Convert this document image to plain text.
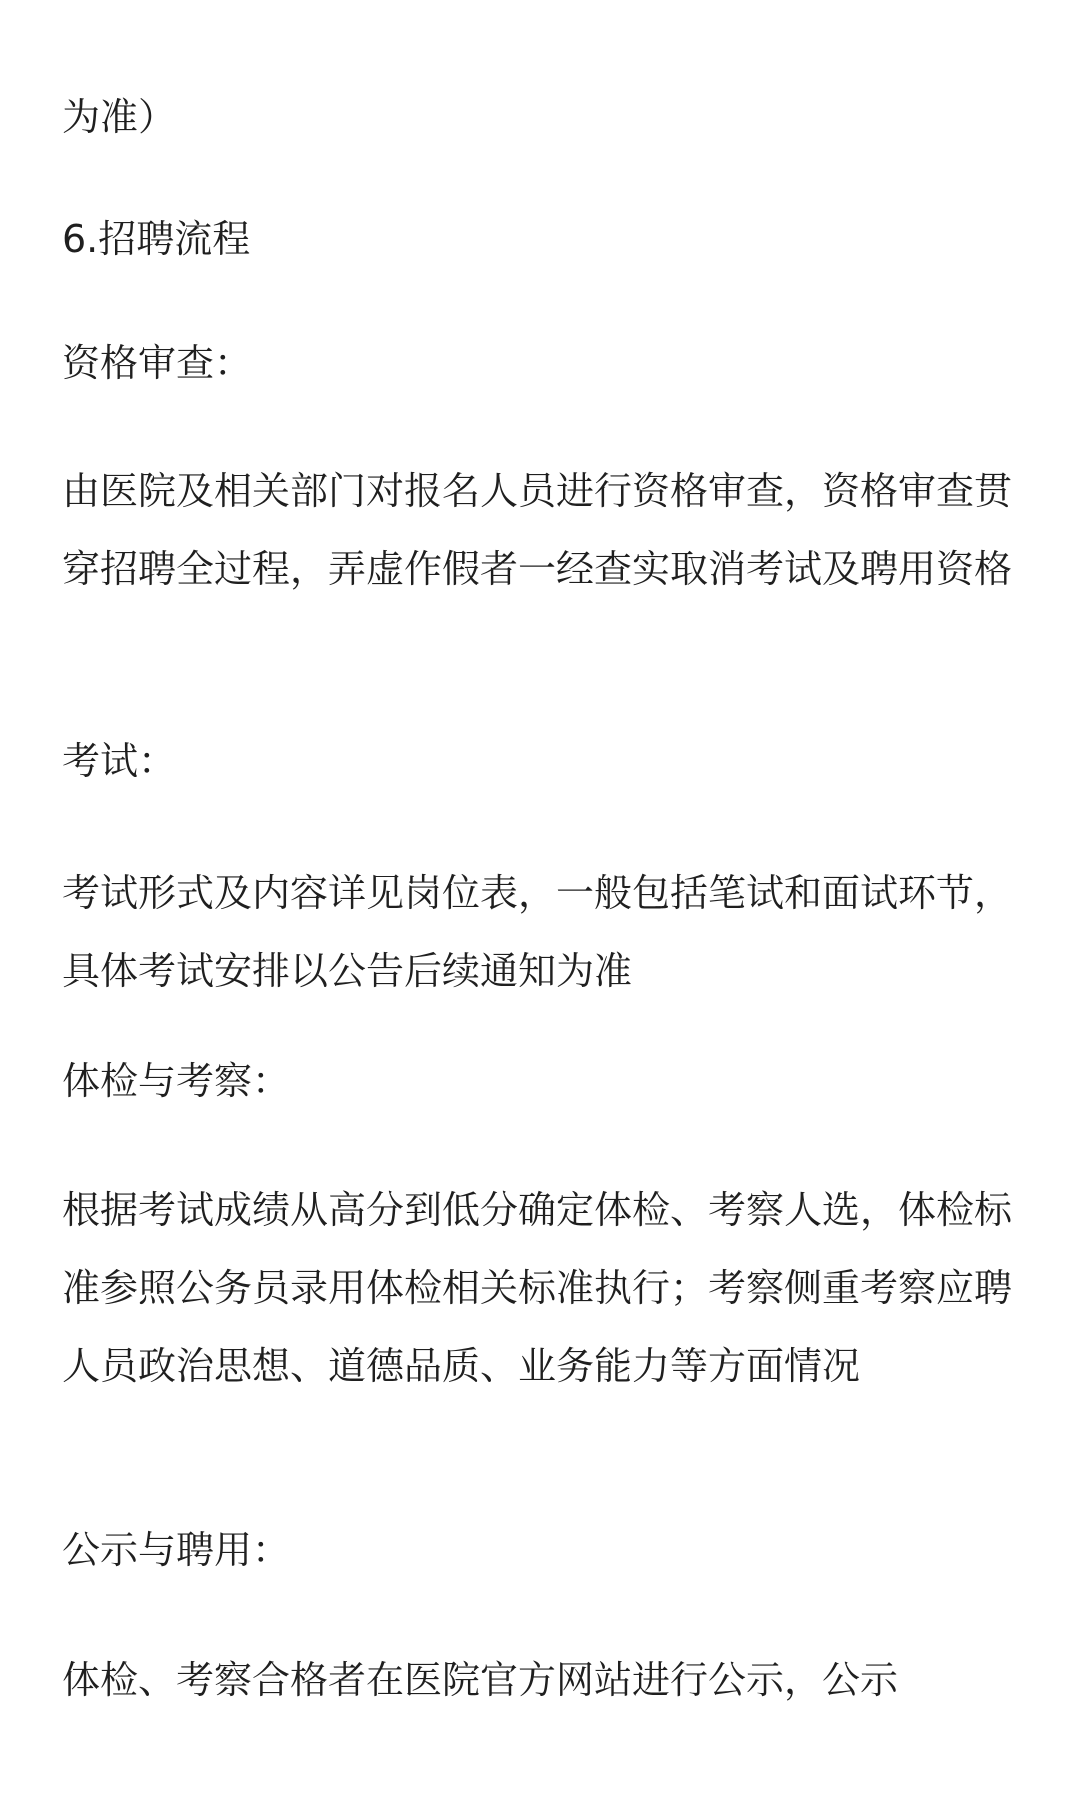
为准）

6.招聘流程

资格审查：

由医院及相关部门对报名人员进行资格审查，资格审查贯穿招聘全过程，弄虚作假者一经查实取消考试及聘用资格

考试：

考试形式及内容详见岗位表，一般包括笔试和面试环节，具体考试安排以公告后续通知为准

体检与考察：

根据考试成绩从高分到低分确定体检、考察人选，体检标准参照公务员录用体检相关标准执行；考察侧重考察应聘人员政治思想、道德品质、业务能力等方面情况

公示与聘用：

体检、考察合格者在医院官方网站进行公示，公示
